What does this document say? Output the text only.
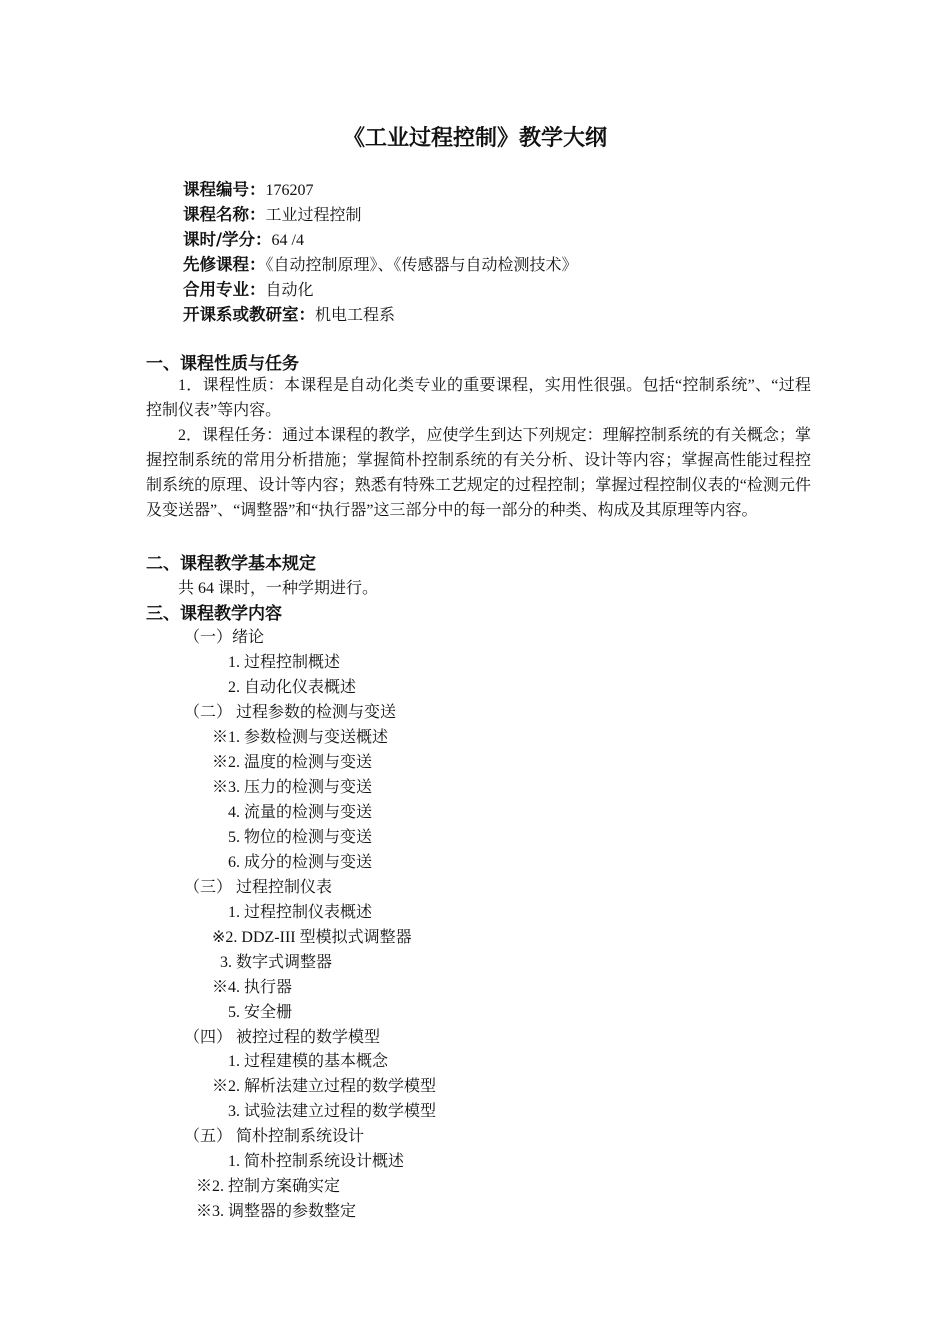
《工业过程控制》教学大纲
课程编号：176207
课程名称：工业过程控制
课时/学分：64 /4
先修课程：《自动控制原理》、《传感器与自动检测技术》
合用专业：自动化
开课系或教研室：机电工程系
一、课程性质与任务

1．课程性质：本课程是自动化类专业的重要课程，实用性很强。包括“控制系统”、“过程控制仪表”等内容。

2．课程任务：通过本课程的教学，应使学生到达下列规定：理解控制系统的有关概念；掌握控制系统的常用分析措施；掌握简朴控制系统的有关分析、设计等内容；掌握高性能过程控制系统的原理、设计等内容；熟悉有特殊工艺规定的过程控制；掌握过程控制仪表的“检测元件及变送器”、“调整器”和“执行器”这三部分中的每一部分的种类、构成及其原理等内容。

二、课程教学基本规定
共 64 课时，一种学期进行。
三、课程教学内容
（一）绪论
1. 过程控制概述
2. 自动化仪表概述
（二） 过程参数的检测与变送
※1. 参数检测与变送概述
※2. 温度的检测与变送
※3. 压力的检测与变送
4. 流量的检测与变送
5. 物位的检测与变送
6. 成分的检测与变送
（三） 过程控制仪表
1. 过程控制仪表概述
※2. DDZ-III 型模拟式调整器
3. 数字式调整器
※4. 执行器
5. 安全栅
（四） 被控过程的数学模型
1. 过程建模的基本概念
※2. 解析法建立过程的数学模型
3. 试验法建立过程的数学模型
（五） 简朴控制系统设计
1. 简朴控制系统设计概述
※2. 控制方案确实定
※3. 调整器的参数整定
